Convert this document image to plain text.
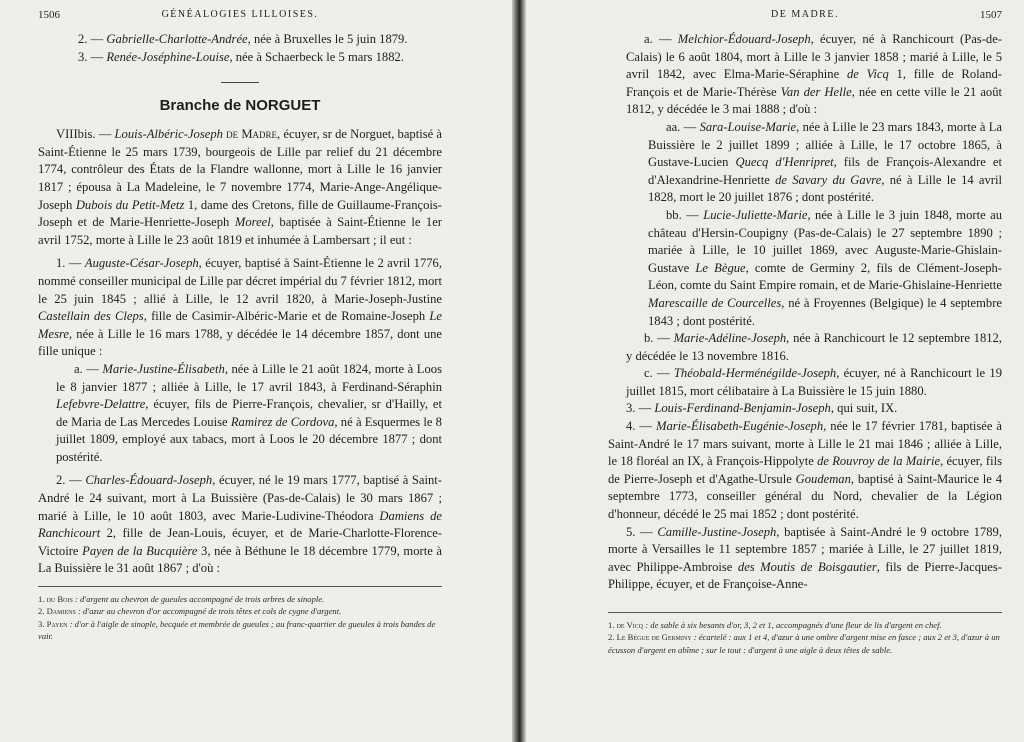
GÉNÉALOGIES LILLOISES.
1506

2. — Gabrielle-Charlotte-Andrée, née à Bruxelles le 5 juin 1879.

3. — Renée-Joséphine-Louise, née à Schaerbeck le 5 mars 1882.

Branche de NORGUET

VIIIbis. — Louis-Albéric-Joseph de Madre, écuyer, sr de Norguet, baptisé à Saint-Étienne le 25 mars 1739, bourgeois de Lille par relief du 21 décembre 1774, contrôleur des États de la Flandre wallonne, mort à Lille le 16 janvier 1817 ; épousa à La Madeleine, le 7 novembre 1774, Marie-Ange-Angélique-Joseph Dubois du Petit-Metz 1, dame des Cretons, fille de Guillaume-François-Joseph et de Marie-Henriette-Joseph Moreel, baptisée à Saint-Étienne le 1er avril 1752, morte à Lille le 23 août 1819 et inhumée à Lambersart ; il eut :

1. — Auguste-César-Joseph, écuyer, baptisé à Saint-Étienne le 2 avril 1776, nommé conseiller municipal de Lille par décret impérial du 7 février 1812, mort le 25 juin 1845 ; allié à Lille, le 12 avril 1820, à Marie-Joseph-Justine Castellain des Cleps, fille de Casimir-Albéric-Marie et de Romaine-Joseph Le Mesre, née à Lille le 16 mars 1788, y décédée le 14 décembre 1857, dont une fille unique :

a. — Marie-Justine-Élisabeth, née à Lille le 21 août 1824, morte à Loos le 8 janvier 1877 ; alliée à Lille, le 17 avril 1843, à Ferdinand-Séraphin Lefebvre-Delattre, écuyer, fils de Pierre-François, chevalier, sr d'Hailly, et de Maria de Las Mercedes Louise Ramirez de Cordova, né à Esquermes le 8 juillet 1809, employé aux tabacs, mort à Loos le 20 décembre 1877 ; dont postérité.

2. — Charles-Édouard-Joseph, écuyer, né le 19 mars 1777, baptisé à Saint-André le 24 suivant, mort à La Buissière (Pas-de-Calais) le 30 mars 1867 ; marié à Lille, le 10 août 1803, avec Marie-Ludivine-Théodora Damiens de Ranchicourt 2, fille de Jean-Louis, écuyer, et de Marie-Charlotte-Florence-Victoire Payen de la Bucquière 3, née à Béthune le 18 décembre 1779, morte à La Buissière le 31 août 1867 ; d'où :

1. du Bois : d'argent au chevron de gueules accompagné de trois arbres de sinople.

2. Damiens : d'azur au chevron d'or accompagné de trois têtes et cols de cygne d'argent.

3. Payen : d'or à l'aigle de sinople, becquée et membrée de gueules ; au franc-quartier de gueules à trois bandes de vair.

DE MADRE.	1507

a. — Melchior-Édouard-Joseph, écuyer, né à Ranchicourt (Pas-de-Calais) le 6 août 1804, mort à Lille le 3 janvier 1858 ; marié à Lille, le 5 avril 1842, avec Elma-Marie-Séraphine de Vicq 1, fille de Roland-François et de Marie-Thérèse Van der Helle, née en cette ville le 21 août 1812, y décédée le 3 mai 1888 ; d'où :

aa. — Sara-Louise-Marie, née à Lille le 23 mars 1843, morte à La Buissière le 2 juillet 1899 ; alliée à Lille, le 17 octobre 1865, à Gustave-Lucien Quecq d'Henripret, fils de François-Alexandre et d'Alexandrine-Henriette de Savary du Gavre, né à Lille le 14 avril 1828, mort le 20 juillet 1876 ; dont postérité.

bb. — Lucie-Juliette-Marie, née à Lille le 3 juin 1848, morte au château d'Hersin-Coupigny (Pas-de-Calais) le 27 septembre 1890 ; mariée à Lille, le 10 juillet 1869, avec Auguste-Marie-Ghislain-Gustave Le Bègue, comte de Germiny 2, fils de Clément-Joseph-Léon, comte du Saint Empire romain, et de Marie-Ghislaine-Henriette Marescaille de Courcelles, né à Froyennes (Belgique) le 4 septembre 1843 ; dont postérité.

b. — Marie-Adéline-Joseph, née à Ranchicourt le 12 septembre 1812, y décédée le 13 novembre 1816.

c. — Théobald-Herménégilde-Joseph, écuyer, né à Ranchicourt le 19 juillet 1815, mort célibataire à La Buissière le 15 juin 1880.

3. — Louis-Ferdinand-Benjamin-Joseph, qui suit, IX.

4. — Marie-Élisabeth-Eugénie-Joseph, née le 17 février 1781, baptisée à Saint-André le 17 mars suivant, morte à Lille le 21 mai 1846 ; alliée à Lille, le 18 floréal an IX, à François-Hippolyte de Rouvroy de la Mairie, écuyer, fils de Pierre-Joseph et d'Agathe-Ursule Goudeman, baptisé à Saint-Maurice le 4 septembre 1773, conseiller général du Nord, chevalier de la Légion d'honneur, décédé le 25 mai 1852 ; dont postérité.

5. — Camille-Justine-Joseph, baptisée à Saint-André le 9 octobre 1789, morte à Versailles le 11 septembre 1857 ; mariée à Lille, le 27 juillet 1819, avec Philippe-Ambroise des Moutis de Boisgautier, fils de Pierre-Jacques-Philippe, écuyer, et de Françoise-Anne-

1. de Vicq : de sable à six besants d'or, 3, 2 et 1, accompagnés d'une fleur de lis d'argent en chef.

2. Le Bègue de Germiny : écartelé : aux 1 et 4, d'azur à une ombre d'argent mise en fasce ; aux 2 et 3, d'azur à un écusson d'argent en abîme ; sur le tout : d'argent à une aigle à deux têtes de sable.
